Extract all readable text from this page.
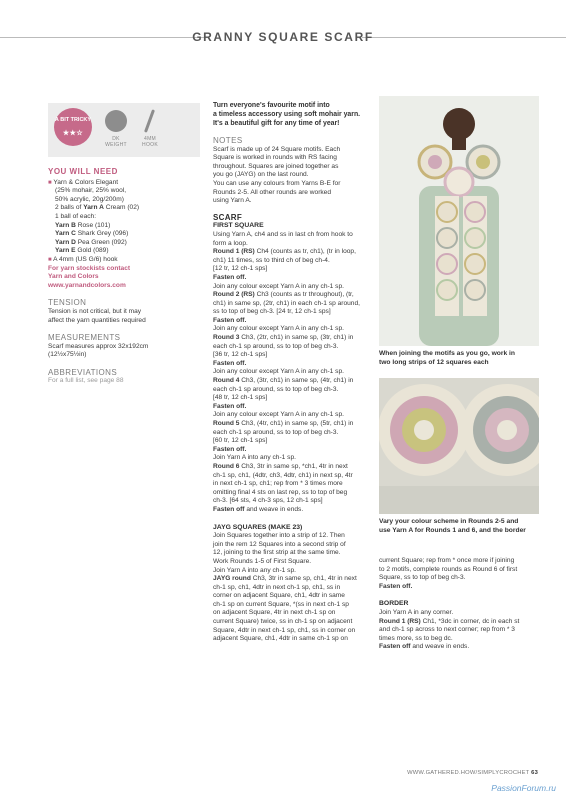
GRANNY SQUARE SCARF
A BIT TRICKY
★★☆
DK
WEIGHT
4MM
HOOK

YOU WILL NEED

■ Yarn & Colors Elegant

(25% mohair, 25% wool,

50% acrylic, 20g/200m)

2 balls of Yarn A Cream (02)

1 ball of each:

Yarn B Rose (101)

Yarn C Shark Grey (096)

Yarn D Pea Green (092)

Yarn E Gold (089)

■ A 4mm (US G/6) hook

For yarn stockists contact

Yarn and Colors

www.yarnandcolors.com

TENSION

Tension is not critical, but it may

affect the yarn quantities required

MEASUREMENTS

Scarf measures approx 32x192cm

(12½x75½in)

ABBREVIATIONS

For a full list, see page 88

Turn everyone's favourite motif into

a timeless accessory using soft mohair yarn.

It's a beautiful gift for any time of year!

NOTES

Scarf is made up of 24 Square motifs. Each

Square is worked in rounds with RS facing

throughout. Squares are joined together as

you go (JAYG) on the last round.

You can use any colours from Yarns B-E for

Rounds 2-5. All other rounds are worked

using Yarn A.

SCARF

FIRST SQUARE

Using Yarn A, ch4 and ss in last ch from hook to

form a loop.

Round 1 (RS) Ch4 (counts as tr, ch1), (tr in loop,

ch1) 11 times, ss to third ch of beg ch-4.

[12 tr, 12 ch-1 sps]

Fasten off.

Join any colour except Yarn A in any ch-1 sp.

Round 2 (RS) Ch3 (counts as tr throughout), (tr,

ch1) in same sp, (2tr, ch1) in each ch-1 sp around,

ss to top of beg ch-3. [24 tr, 12 ch-1 sps]

Fasten off.

Join any colour except Yarn A in any ch-1 sp.

Round 3 Ch3, (2tr, ch1) in same sp, (3tr, ch1) in

each ch-1 sp around, ss to top of beg ch-3.

[36 tr, 12 ch-1 sps]

Fasten off.

Join any colour except Yarn A in any ch-1 sp.

Round 4 Ch3, (3tr, ch1) in same sp, (4tr, ch1) in

each ch-1 sp around, ss to top of beg ch-3.

[48 tr, 12 ch-1 sps]

Fasten off.

Join any colour except Yarn A in any ch-1 sp.

Round 5 Ch3, (4tr, ch1) in same sp, (5tr, ch1) in

each ch-1 sp around, ss to top of beg ch-3.

[60 tr, 12 ch-1 sps]

Fasten off.

Join Yarn A into any ch-1 sp.

Round 6 Ch3, 3tr in same sp, *ch1, 4tr in next

ch-1 sp, ch1, (4dtr, ch3, 4dtr, ch1) in next sp, 4tr

in next ch-1 sp, ch1; rep from * 3 times more

omitting final 4 sts on last rep, ss to top of beg

ch-3. [64 sts, 4 ch-3 sps, 12 ch-1 sps]

Fasten off and weave in ends.

JAYG SQUARES (MAKE 23)

Join Squares together into a strip of 12. Then

join the rem 12 Squares into a second strip of

12, joining to the first strip at the same time.

Work Rounds 1-5 of First Square.

Join Yarn A into any ch-1 sp.

JAYG round Ch3, 3tr in same sp, ch1, 4tr in next

ch-1 sp, ch1, 4dtr in next ch-1 sp, ch1, ss in

corner on adjacent Square, ch1, 4dtr in same

ch-1 sp on current Square, *(ss in next ch-1 sp

on adjacent Square, 4tr in next ch-1 sp on

current Square) twice, ss in ch-1 sp on adjacent

Square, 4dtr in next ch-1 sp, ch1, ss in corner on

adjacent Square, ch1, 4dtr in same ch-1 sp on

When joining the motifs as you go, work in

two long strips of 12 squares each

Vary your colour scheme in Rounds 2-5 and

use Yarn A for Rounds 1 and 6, and the border

current Square; rep from * once more if joining

to 2 motifs, complete rounds as Round 6 of first

Square, ss to top of beg ch-3.

Fasten off.

BORDER

Join Yarn A in any corner.

Round 1 (RS) Ch1, *3dc in corner, dc in each st

and ch-1 sp across to next corner; rep from * 3

times more, ss to beg dc.

Fasten off and weave in ends.

WWW.GATHERED.HOW/SIMPLYCROCHET 63
PassionForum.ru
